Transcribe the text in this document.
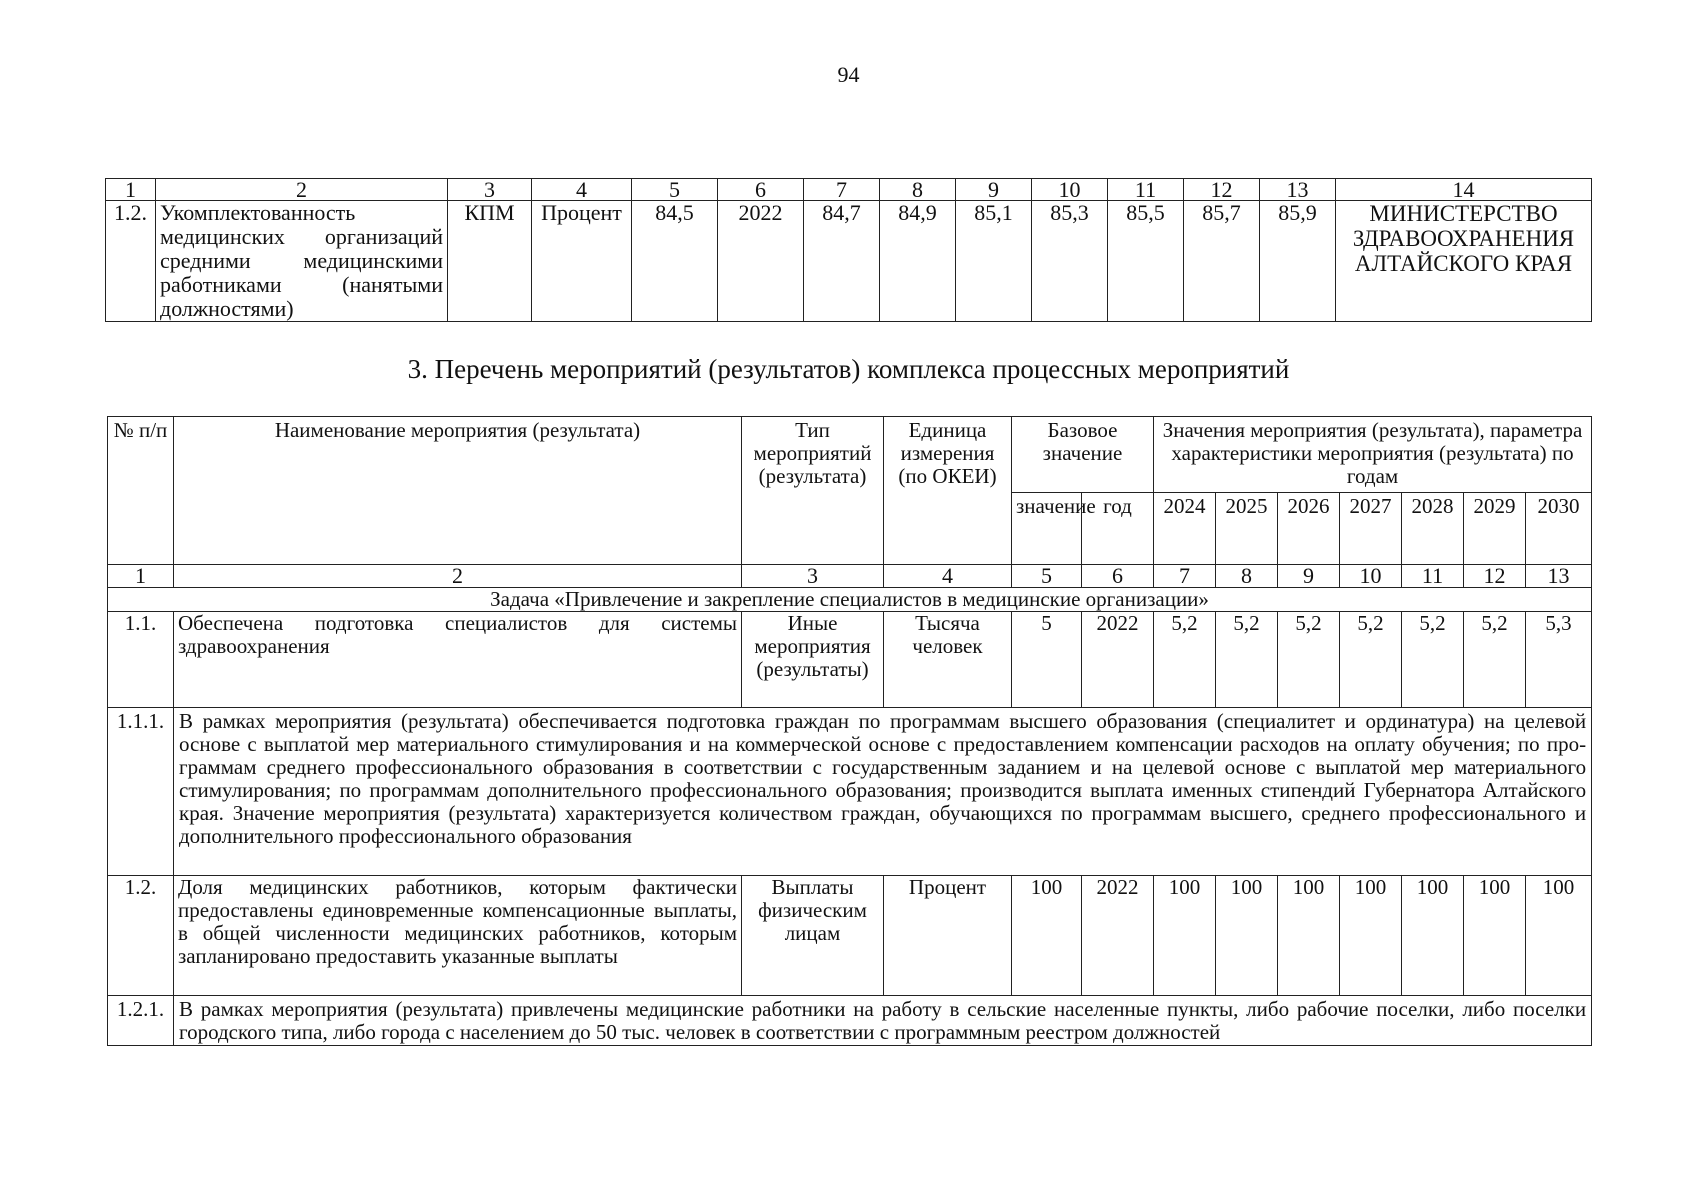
94
1	2	3	4	5	6	7	8	9	10	11	12	13	14
1.2.	Укомплектованность медицинских организаций средними медицинскими работниками (нанятыми должностями)	КПМ	Процент	84,5	2022	84,7	84,9	85,1	85,3	85,5	85,7	85,9	МИНИСТЕРСТВО ЗДРАВООХРАНЕНИЯ АЛТАЙСКОГО КРАЯ
3. Перечень мероприятий (результатов) комплекса процессных мероприятий
№ п/п	Наименование мероприятия (результата)	Тип мероприятий (результата)	Единица измерения (по ОКЕИ)	Базовое значение		Значения мероприятия (результата), параметра характеристики мероприятия (результата) по годам						
				значение	год	2024	2025	2026	2027	2028	2029	2030
1	2	3	4	5	6	7	8	9	10	11	12	13
Задача «Привлечение и закрепление специалистов в медицинские организации»												
1.1.	Обеспечена подготовка специалистов для системы здравоохранения	Иные мероприятия (результаты)	Тысяча человек	5	2022	5,2	5,2	5,2	5,2	5,2	5,2	5,3
1.1.1.	В рамках мероприятия (результата) обеспечивается подготовка граждан по программам высшего образования (специалитет и ординатура) на целевой основе с выплатой мер материального стимулирования и на коммерческой основе с предоставлением компенсации расходов на оплату обучения; по про-граммам среднего профессионального образования в соответствии с государственным заданием и на целевой основе с выплатой мер материального стимулирования; по программам дополнительного профессионального образования; производится выплата именных стипендий Губернатора Алтайского края. Значение мероприятия (результата) характеризуется количеством граждан, обучающихся по программам высшего, среднего профессионального и дополнительного профессионального образования											
1.2.	Доля медицинских работников, которым фактически предоставлены единовременные компенсационные выплаты, в общей численности медицинских работников, которым запланировано предоставить указанные выплаты	Выплаты физическим лицам	Процент	100	2022	100	100	100	100	100	100	100
1.2.1.	В рамках мероприятия (результата) привлечены медицинские работники на работу в сельские населенные пункты, либо рабочие поселки, либо поселки городского типа, либо города с населением до 50 тыс. человек в соответствии с программным реестром должностей											
